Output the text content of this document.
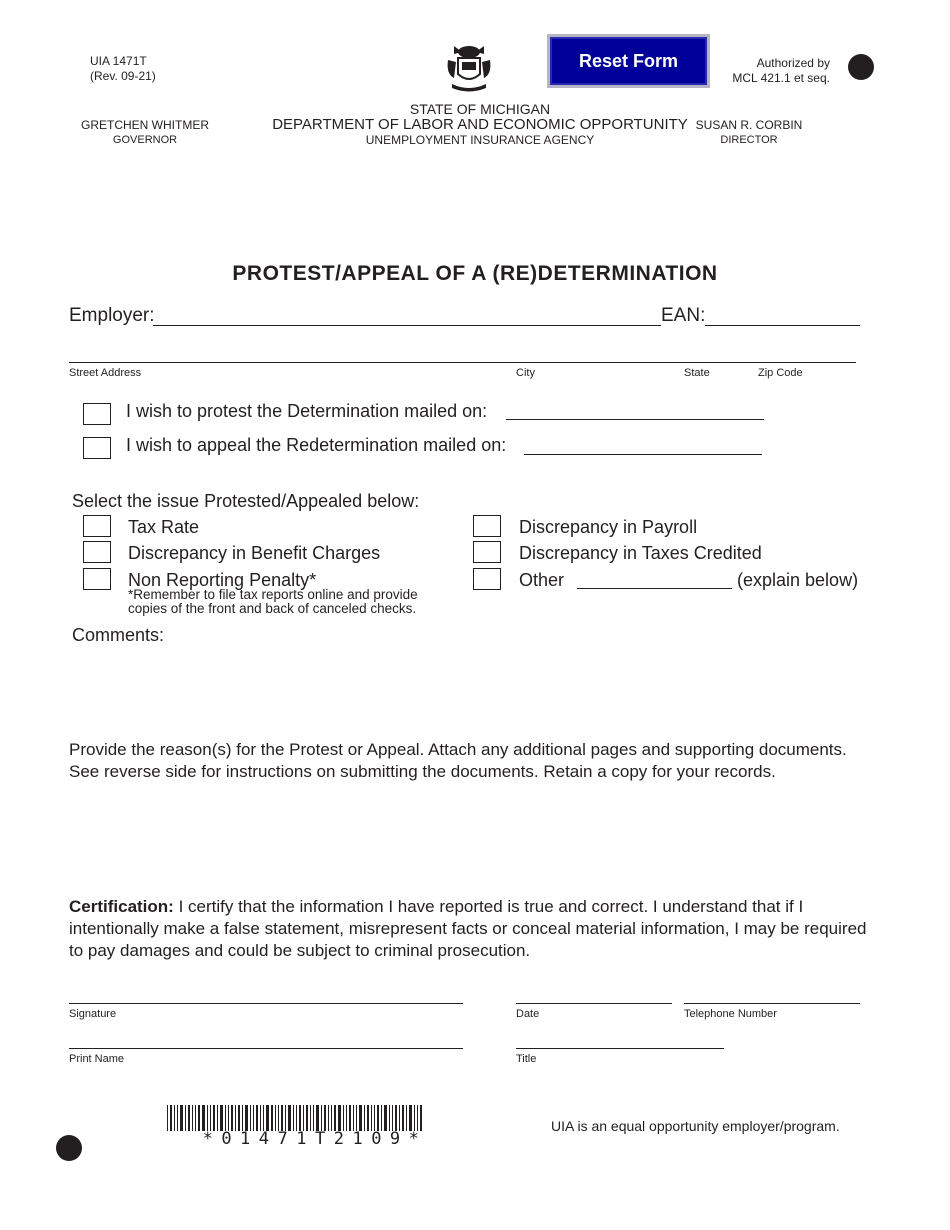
UIA 1471T
(Rev. 09-21)
Reset Form	Authorized by
MCL 421.1 et seq.
STATE OF MICHIGAN
DEPARTMENT OF LABOR AND ECONOMIC OPPORTUNITY
UNEMPLOYMENT INSURANCE AGENCY
GRETCHEN WHITMER
GOVERNOR
SUSAN R. CORBIN
DIRECTOR
PROTEST/APPEAL OF A (RE)DETERMINATION
Employer:	EAN:
Street Address	City	State	Zip Code
I wish to protest the Determination mailed on:
I wish to appeal the Redetermination mailed on:
Select the issue Protested/Appealed below:
Tax Rate
Discrepancy in Benefit Charges
Non Reporting Penalty*
*Remember to file tax reports online and provide
copies of the front and back of canceled checks.
Discrepancy in Payroll
Discrepancy in Taxes Credited
Other	(explain below)
Comments:
Provide the reason(s) for the Protest or Appeal. Attach any additional pages and supporting documents. See reverse side for instructions on submitting the documents. Retain a copy for your records.
Certification: I certify that the information I have reported is true and correct. I understand that if I intentionally make a false statement, misrepresent facts or conceal material information, I may be required to pay damages and could be subject to criminal prosecution.
Signature	Date	Telephone Number
Print Name	Title
*01471T2109*
UIA is an equal opportunity employer/program.
